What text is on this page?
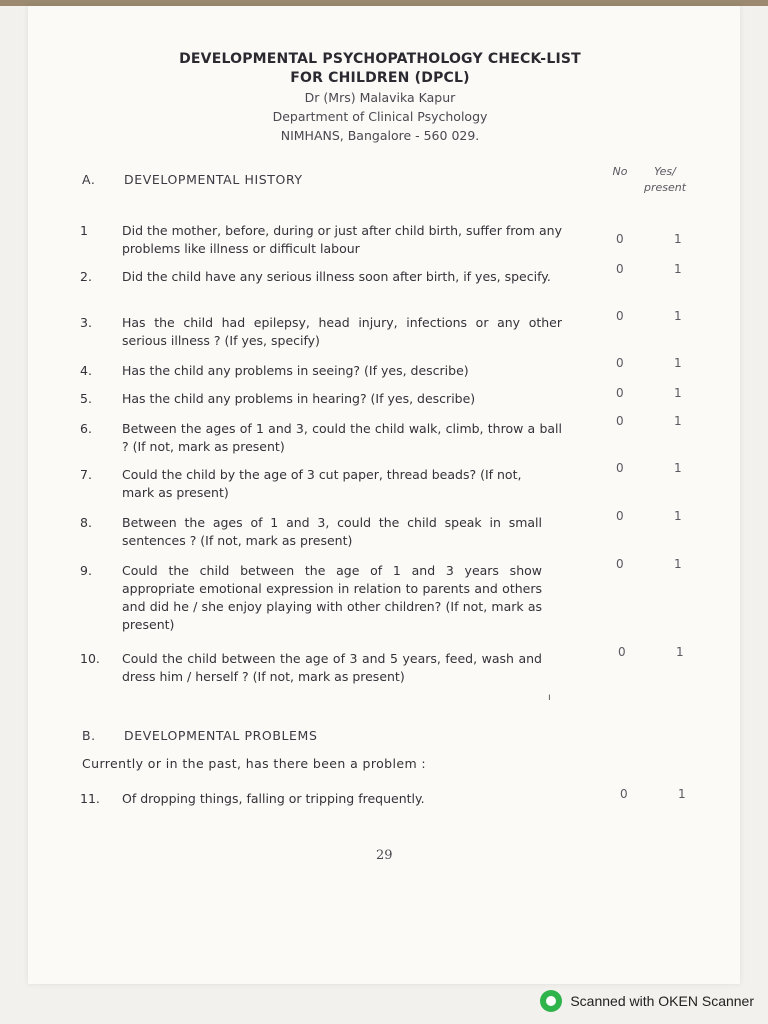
DEVELOPMENTAL PSYCHOPATHOLOGY CHECK-LIST
FOR CHILDREN (DPCL)
Dr (Mrs) Malavika Kapur
Department of Clinical Psychology
NIMHANS, Bangalore - 560 029.
A. DEVELOPMENTAL HISTORY
No	Yes/
present
1	Did the mother, before, during or just after child birth, suffer from any problems like illness or difficult labour
0	1
2.	Did the child have any serious illness soon after birth, if yes, specify.	0	1
3.	Has the child had epilepsy, head injury, infections or any other serious illness ? (If yes, specify)
0	1
4.	Has the child any problems in seeing? (If yes, describe)	0	1
5.	Has the child any problems in hearing? (If yes, describe)	0	1
6.	Between the ages of 1 and 3, could the child walk, climb, throw a ball ? (If not, mark as present)
0	1
7.	Could the child by the age of 3 cut paper, thread beads? (If not, mark as present)
0	1
8.	Between the ages of 1 and 3, could the child speak in small sentences ? (If not, mark as present)
0	1
9.	Could the child between the age of 1 and 3 years show appropriate emotional expression in relation to parents and others and did he / she enjoy playing with other children? (If not, mark as present)
0	1
10.	Could the child between the age of 3 and 5 years, feed, wash and dress him / herself ? (If not, mark as present)
0	1
ı
B. DEVELOPMENTAL PROBLEMS
Currently or in the past, has there been a problem :
11.	Of dropping things, falling or tripping frequently.	0	1
29
Scanned with OKEN Scanner
